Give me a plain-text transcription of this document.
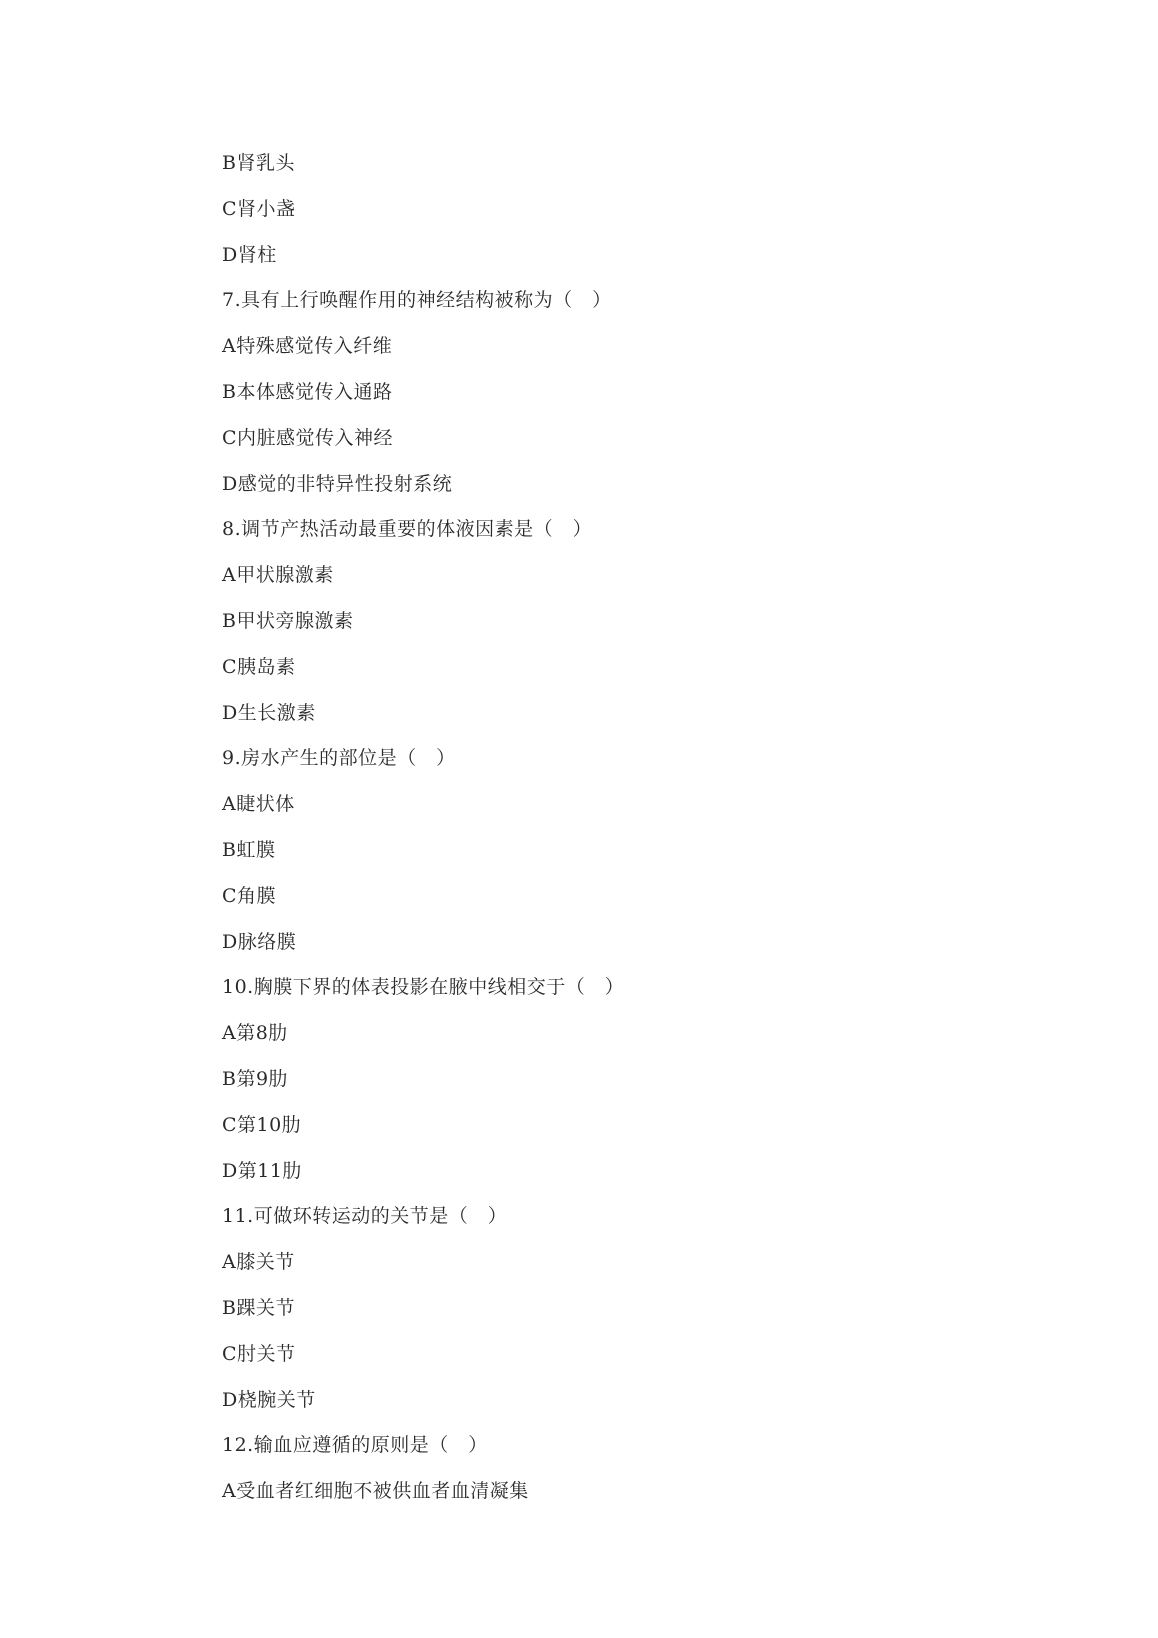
B肾乳头
C肾小盏
D肾柱
7.具有上行唤醒作用的神经结构被称为（　）
A特殊感觉传入纤维
B本体感觉传入通路
C内脏感觉传入神经
D感觉的非特异性投射系统
8.调节产热活动最重要的体液因素是（　）
A甲状腺激素
B甲状旁腺激素
C胰岛素
D生长激素
9.房水产生的部位是（　）
A睫状体
B虹膜
C角膜
D脉络膜
10.胸膜下界的体表投影在腋中线相交于（　）
A第8肋
B第9肋
C第10肋
D第11肋
11.可做环转运动的关节是（　）
A膝关节
B踝关节
C肘关节
D桡腕关节
12.输血应遵循的原则是（　）
A受血者红细胞不被供血者血清凝集
